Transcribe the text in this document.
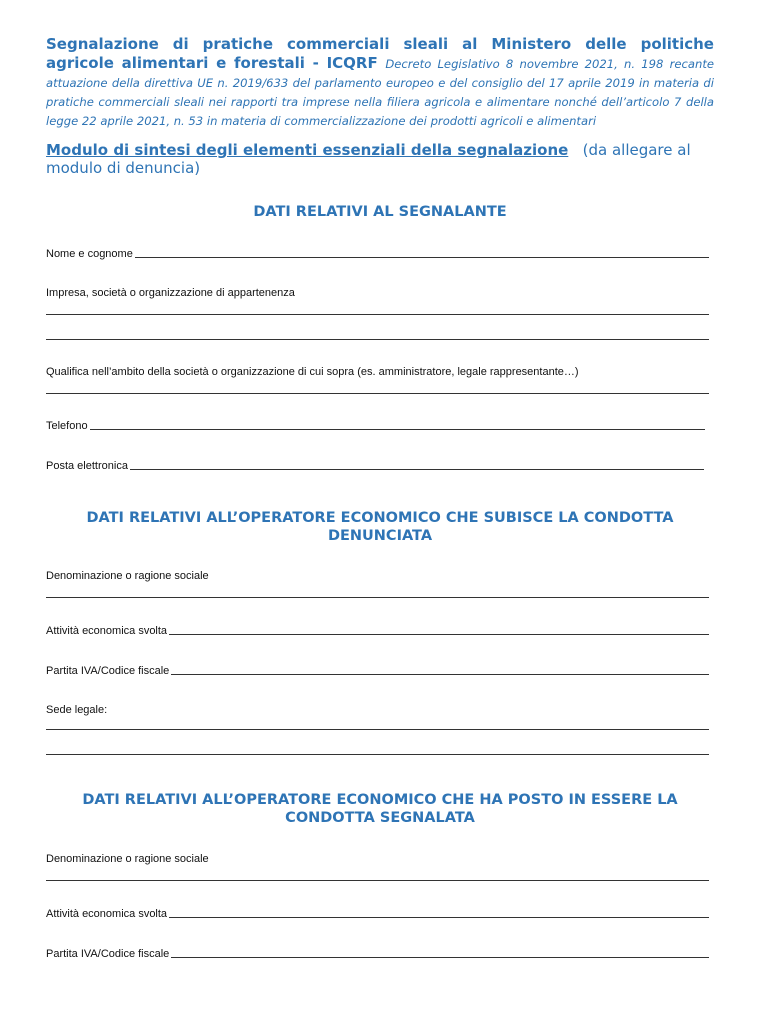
Segnalazione di pratiche commerciali sleali al Ministero delle politiche agricole alimentari e forestali - ICQRF Decreto Legislativo 8 novembre 2021, n. 198 recante attuazione della direttiva UE n. 2019/633 del parlamento europeo e del consiglio del 17 aprile 2019 in materia di pratiche commerciali sleali nei rapporti tra imprese nella filiera agricola e alimentare nonché dell’articolo 7 della legge 22 aprile 2021, n. 53 in materia di commercializzazione dei prodotti agricoli e alimentari
Modulo di sintesi degli elementi essenziali della segnalazione (da allegare al modulo di denuncia)
DATI RELATIVI AL SEGNALANTE
Nome e cognome
Impresa, società o organizzazione di appartenenza
Qualifica nell’ambito della società o organizzazione di cui sopra (es. amministratore, legale rappresentante…)
Telefono
Posta elettronica
DATI RELATIVI ALL’OPERATORE ECONOMICO CHE SUBISCE LA CONDOTTA DENUNCIATA
Denominazione o ragione sociale
Attività economica svolta
Partita IVA/Codice fiscale
Sede legale:
DATI RELATIVI ALL’OPERATORE ECONOMICO CHE HA POSTO IN ESSERE LA CONDOTTA SEGNALATA
Denominazione o ragione sociale
Attività economica svolta
Partita IVA/Codice fiscale
